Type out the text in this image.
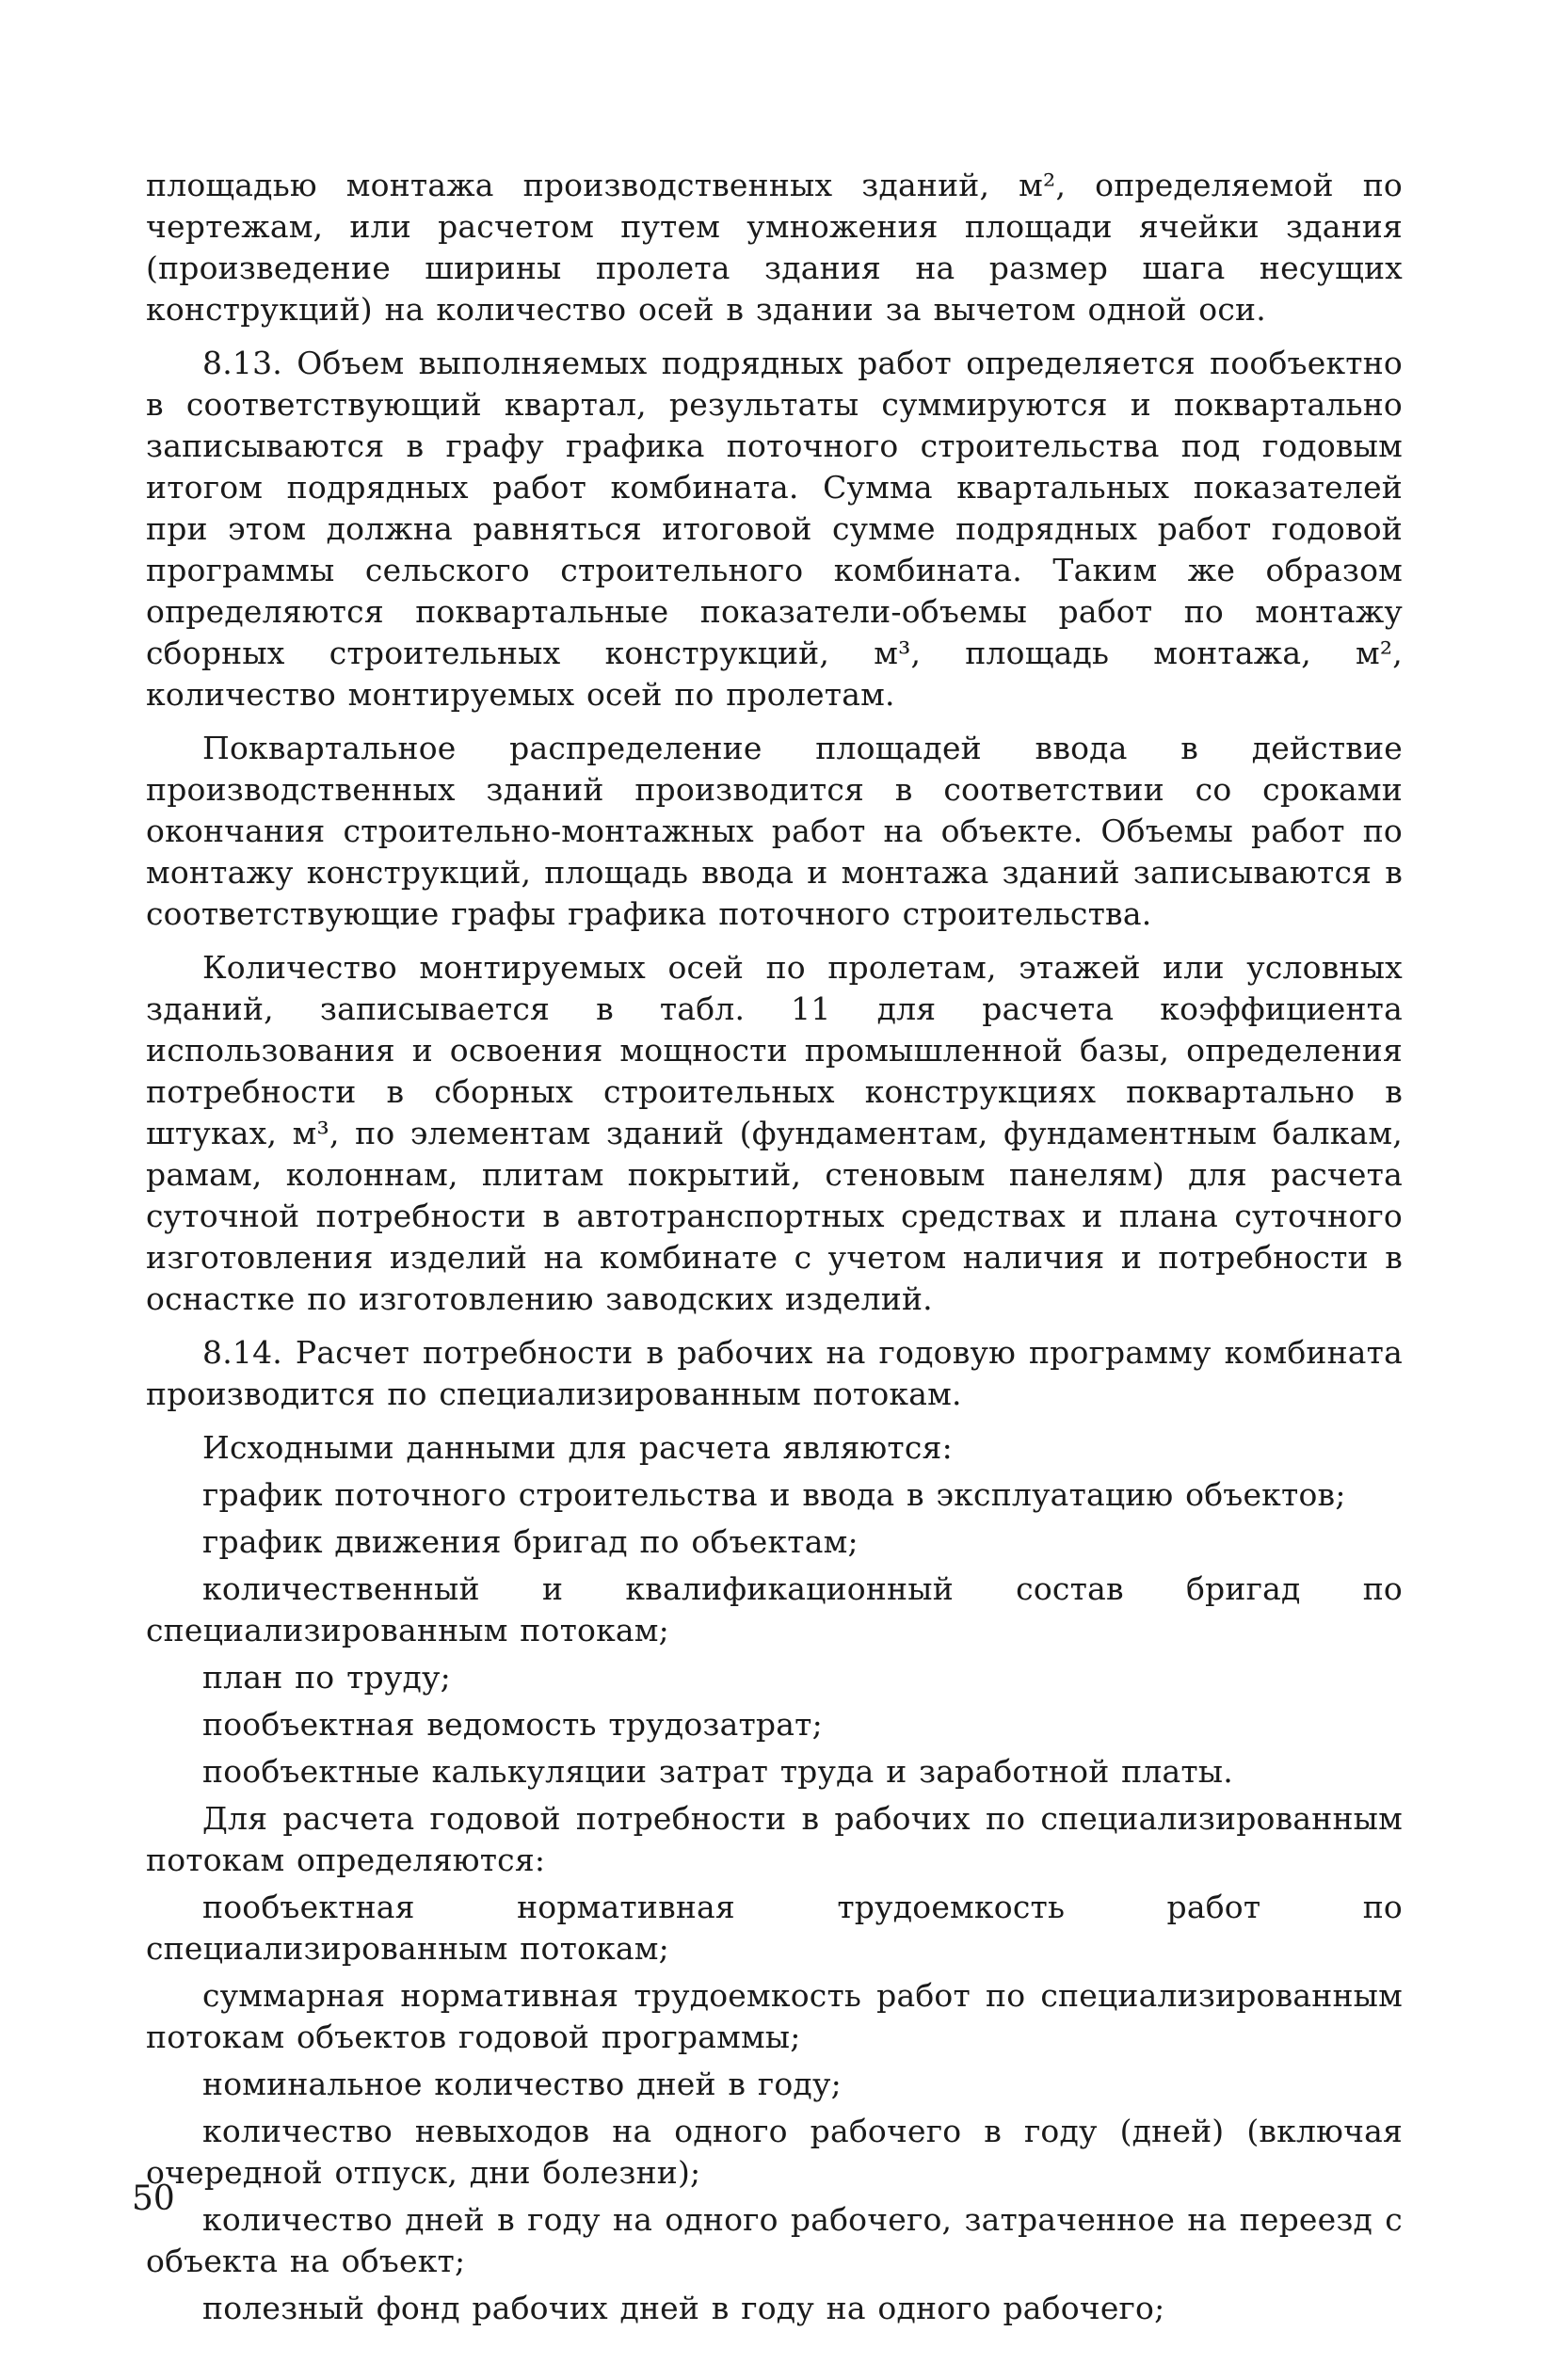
площадью монтажа производственных зданий, м², определяемой по чертежам, или расчетом путем умножения площади ячейки здания (произведение ширины пролета здания на размер шага несущих конструкций) на количество осей в здании за вычетом одной оси.

8.13. Объем выполняемых подрядных работ определяется пообъектно в соответствующий квартал, результаты суммируются и поквартально записываются в графу графика поточного строительства под годовым итогом подрядных работ комбината. Сумма квартальных показателей при этом должна равняться итоговой сумме подрядных работ годовой программы сельского строительного комбината. Таким же образом определяются поквартальные показатели-объемы работ по монтажу сборных строительных конструкций, м³, площадь монтажа, м², количество монтируемых осей по пролетам.

Поквартальное распределение площадей ввода в действие производственных зданий производится в соответствии со сроками окончания строительно-монтажных работ на объекте. Объемы работ по монтажу конструкций, площадь ввода и монтажа зданий записываются в соответствующие графы графика поточного строительства.

Количество монтируемых осей по пролетам, этажей или условных зданий, записывается в табл. 11 для расчета коэффициента использования и освоения мощности промышленной базы, определения потребности в сборных строительных конструкциях поквартально в штуках, м³, по элементам зданий (фундаментам, фундаментным балкам, рамам, колоннам, плитам покрытий, стеновым панелям) для расчета суточной потребности в автотранспортных средствах и плана суточного изготовления изделий на комбинате с учетом наличия и потребности в оснастке по изготовлению заводских изделий.

8.14. Расчет потребности в рабочих на годовую программу комбината производится по специализированным потокам.

Исходными данными для расчета являются:

график поточного строительства и ввода в эксплуатацию объектов;

график движения бригад по объектам;

количественный и квалификационный состав бригад по специализированным потокам;

план по труду;

пообъектная ведомость трудозатрат;

пообъектные калькуляции затрат труда и заработной платы.

Для расчета годовой потребности в рабочих по специализированным потокам определяются:

пообъектная нормативная трудоемкость работ по специализированным потокам;

суммарная нормативная трудоемкость работ по специализированным потокам объектов годовой программы;

номинальное количество дней в году;

количество невыходов на одного рабочего в году (дней) (включая очередной отпуск, дни болезни);

количество дней в году на одного рабочего, затраченное на переезд с объекта на объект;

полезный фонд рабочих дней в году на одного рабочего;

50
